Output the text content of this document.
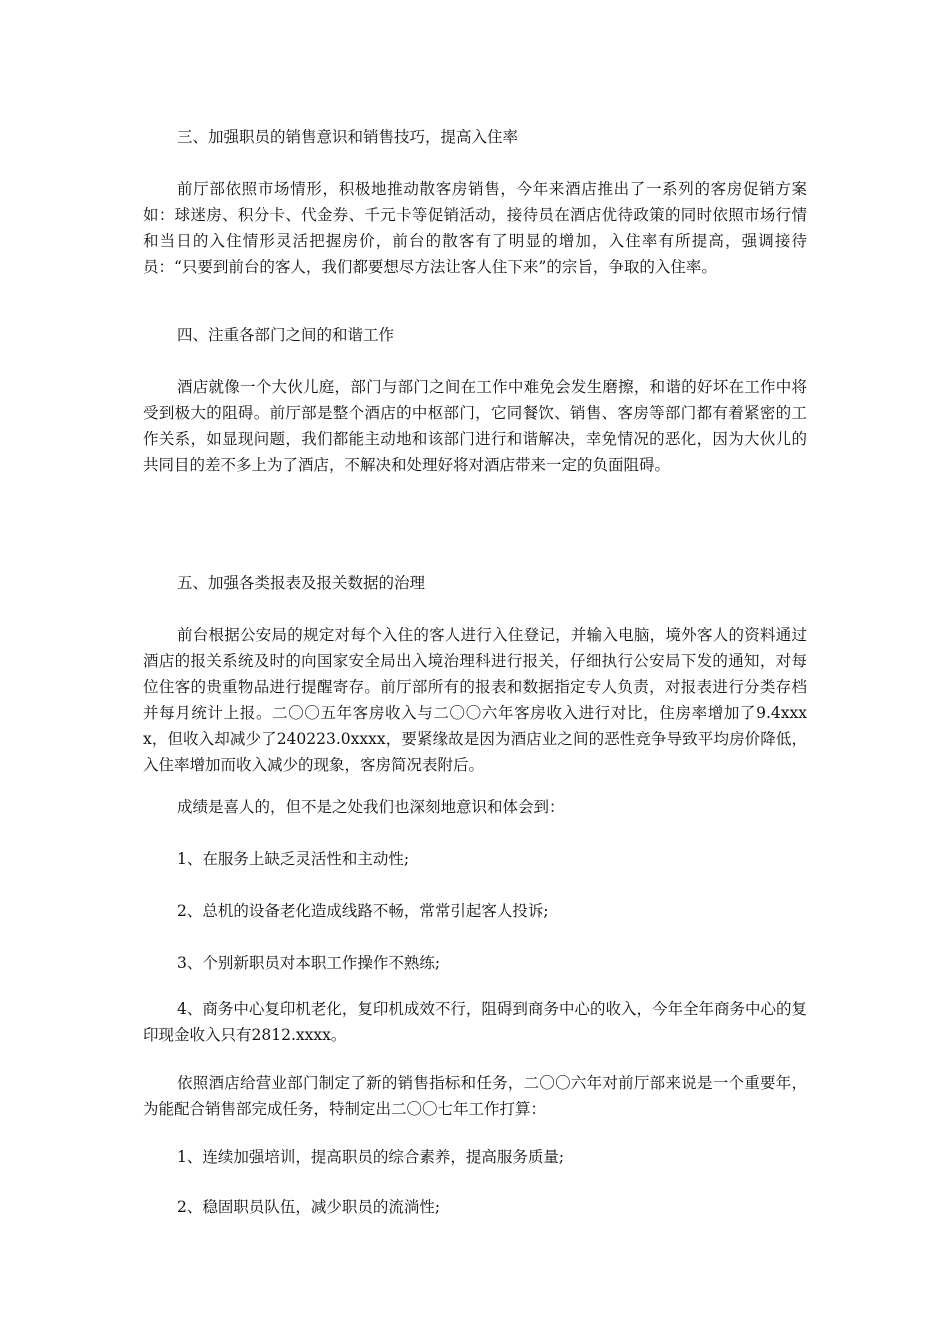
三、加强职员的销售意识和销售技巧，提高入住率

前厅部依照市场情形，积极地推动散客房销售，今年来酒店推出了一系列的客房促销方案如：球迷房、积分卡、代金券、千元卡等促销活动，接待员在酒店优待政策的同时依照市场行情和当日的入住情形灵活把握房价，前台的散客有了明显的增加，入住率有所提高，强调接待员：“只要到前台的客人，我们都要想尽方法让客人住下来”的宗旨，争取的入住率。

四、注重各部门之间的和谐工作

酒店就像一个大伙儿庭，部门与部门之间在工作中难免会发生磨擦，和谐的好坏在工作中将受到极大的阻碍。前厅部是整个酒店的中枢部门，它同餐饮、销售、客房等部门都有着紧密的工作关系，如显现问题，我们都能主动地和该部门进行和谐解决，幸免情况的恶化，因为大伙儿的共同目的差不多上为了酒店，不解决和处理好将对酒店带来一定的负面阻碍。

五、加强各类报表及报关数据的治理

前台根据公安局的规定对每个入住的客人进行入住登记，并输入电脑，境外客人的资料通过酒店的报关系统及时的向国家安全局出入境治理科进行报关，仔细执行公安局下发的通知，对每位住客的贵重物品进行提醒寄存。前厅部所有的报表和数据指定专人负责，对报表进行分类存档并每月统计上报。二〇〇五年客房收入与二〇〇六年客房收入进行对比，住房率增加了9.4xxxx，但收入却减少了240223.0xxxx，要紧缘故是因为酒店业之间的恶性竞争导致平均房价降低，入住率增加而收入减少的现象，客房简况表附后。

成绩是喜人的，但不是之处我们也深刻地意识和体会到：

1、在服务上缺乏灵活性和主动性;

2、总机的设备老化造成线路不畅，常常引起客人投诉;

3、个别新职员对本职工作操作不熟练;

4、商务中心复印机老化，复印机成效不行，阻碍到商务中心的收入，今年全年商务中心的复印现金收入只有2812.xxxx。

依照酒店给营业部门制定了新的销售指标和任务，二〇〇六年对前厅部来说是一个重要年，为能配合销售部完成任务，特制定出二〇〇七年工作打算：

1、连续加强培训，提高职员的综合素养，提高服务质量;

2、稳固职员队伍，减少职员的流淌性;
